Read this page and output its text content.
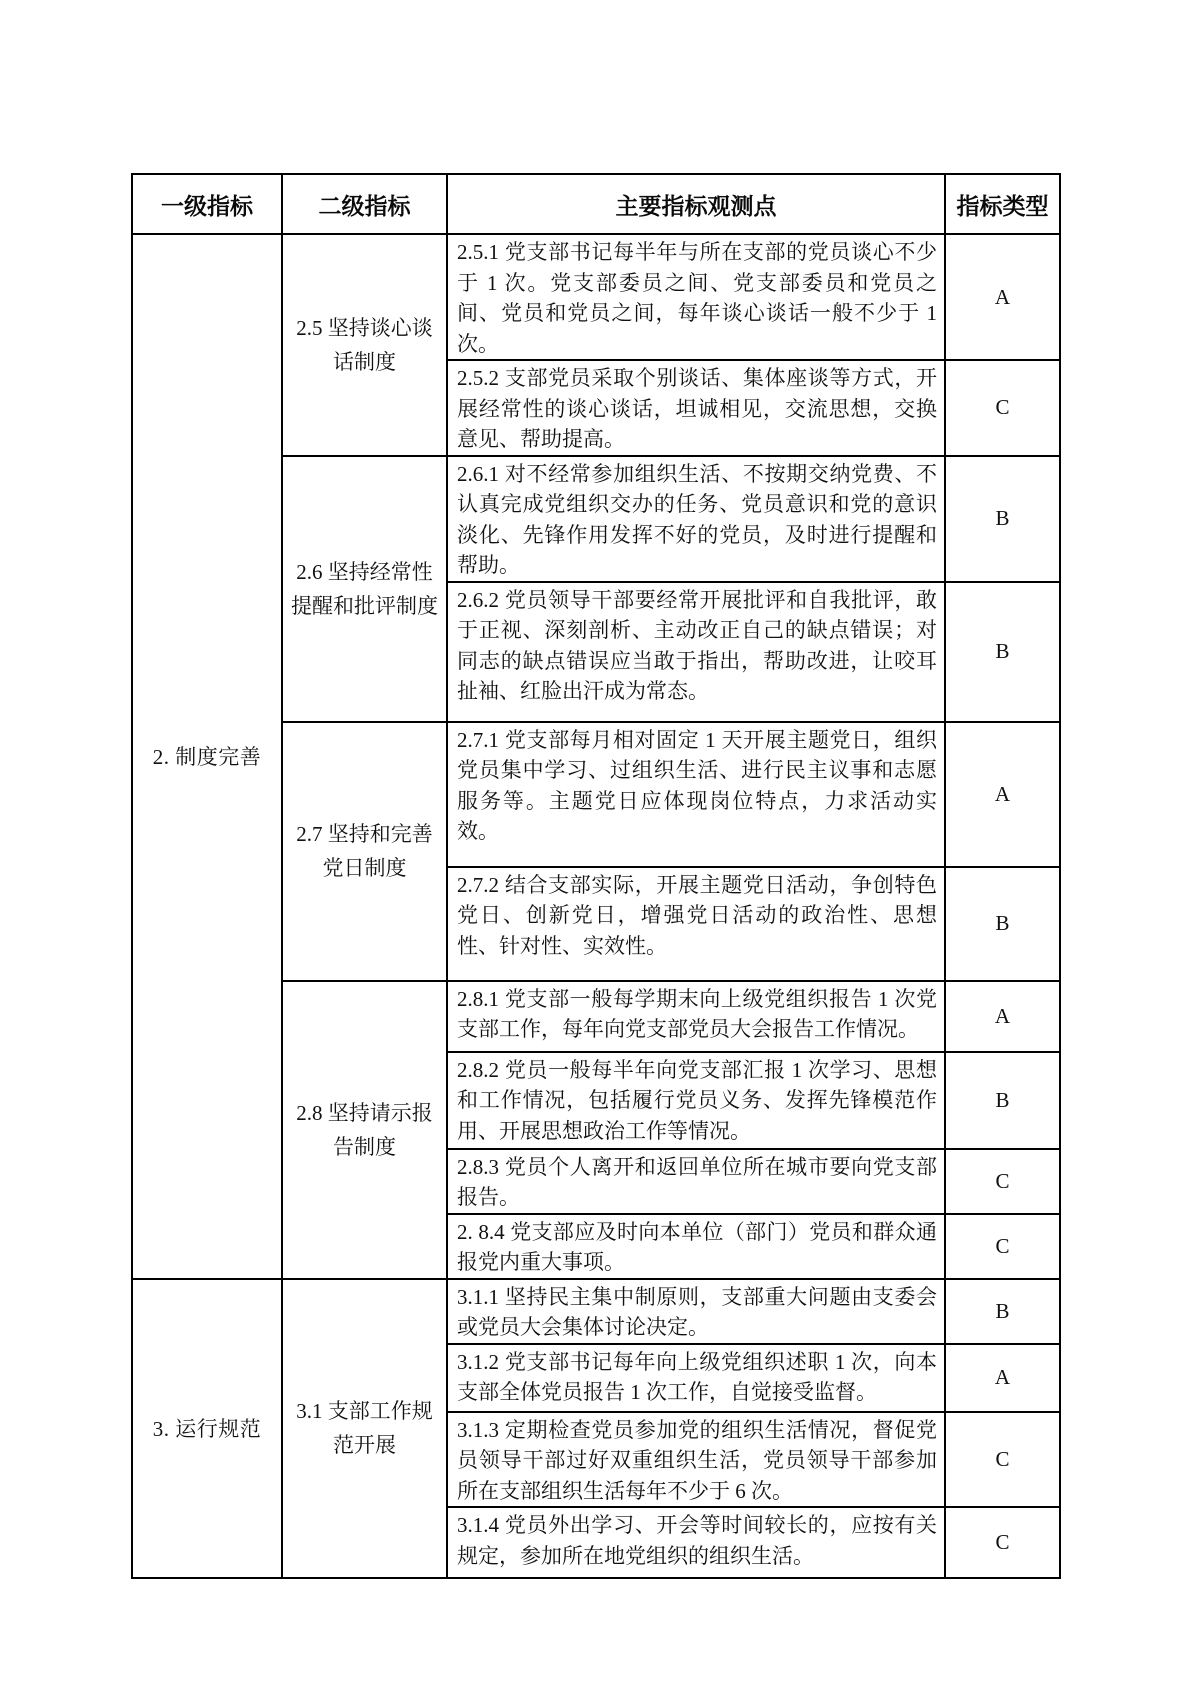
一级指标	二级指标	主要指标观测点	指标类型
2. 制度完善	2.5 坚持谈心谈话制度	2.5.1 党支部书记每半年与所在支部的党员谈心不少于 1 次。党支部委员之间、党支部委员和党员之间、党员和党员之间，每年谈心谈话一般不少于 1次。	A
		2.5.2 支部党员采取个别谈话、集体座谈等方式，开展经常性的谈心谈话，坦诚相见，交流思想，交换意见、帮助提高。	C
	2.6 坚持经常性提醒和批评制度	2.6.1 对不经常参加组织生活、不按期交纳党费、不认真完成党组织交办的任务、党员意识和党的意识淡化、先锋作用发挥不好的党员，及时进行提醒和帮助。	B
		2.6.2 党员领导干部要经常开展批评和自我批评，敢于正视、深刻剖析、主动改正自己的缺点错误；对同志的缺点错误应当敢于指出，帮助改进，让咬耳扯袖、红脸出汗成为常态。	B
	2.7 坚持和完善党日制度	2.7.1 党支部每月相对固定 1 天开展主题党日，组织党员集中学习、过组织生活、进行民主议事和志愿服务等。主题党日应体现岗位特点，力求活动实效。	A
		2.7.2 结合支部实际，开展主题党日活动，争创特色党日、创新党日，增强党日活动的政治性、思想性、针对性、实效性。	B
	2.8 坚持请示报告制度	2.8.1 党支部一般每学期末向上级党组织报告 1 次党支部工作，每年向党支部党员大会报告工作情况。	A
		2.8.2 党员一般每半年向党支部汇报 1 次学习、思想和工作情况，包括履行党员义务、发挥先锋模范作用、开展思想政治工作等情况。	B
		2.8.3 党员个人离开和返回单位所在城市要向党支部报告。	C
		2. 8.4 党支部应及时向本单位（部门）党员和群众通报党内重大事项。	C
3. 运行规范	3.1 支部工作规范开展	3.1.1 坚持民主集中制原则，支部重大问题由支委会或党员大会集体讨论决定。	B
		3.1.2 党支部书记每年向上级党组织述职 1 次，向本支部全体党员报告 1 次工作，自觉接受监督。	A
		3.1.3 定期检查党员参加党的组织生活情况，督促党员领导干部过好双重组织生活，党员领导干部参加所在支部组织生活每年不少于 6 次。	C
		3.1.4 党员外出学习、开会等时间较长的，应按有关规定，参加所在地党组织的组织生活。	C
